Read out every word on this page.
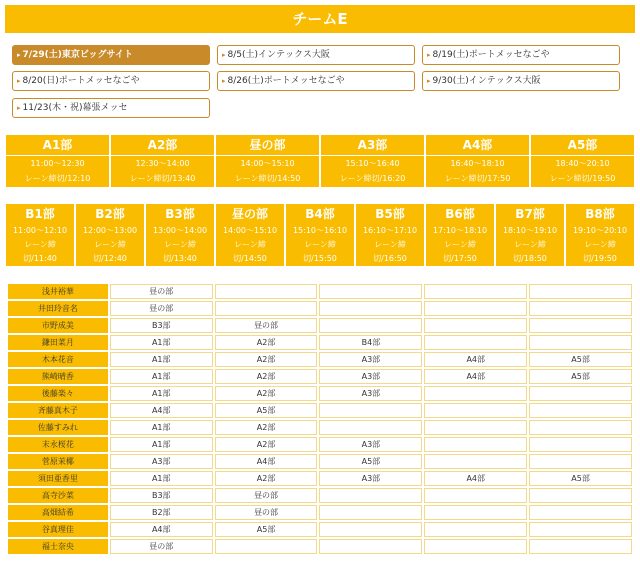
チームE
▸ 7/29(土)東京ビッグサイト	▸ 8/5(土)インテックス大阪	▸ 8/19(土)ポートメッセなごや
▸ 8/20(日)ポートメッセなごや	▸ 8/26(土)ポートメッセなごや	▸ 9/30(土)インテックス大阪
▸ 11/23(木・祝)幕張メッセ
A1部
11:00～12:30
レーン締切/12:10
A2部
12:30～14:00
レーン締切/13:40
昼の部
14:00～15:10
レーン締切/14:50
A3部
15:10～16:40
レーン締切/16:20
A4部
16:40～18:10
レーン締切/17:50
A5部
18:40～20:10
レーン締切/19:50
B1部
11:00～12:10
レーン締
切/11:40
B2部
12:00～13:00
レーン締
切/12:40
B3部
13:00～14:00
レーン締
切/13:40
昼の部
14:00～15:10
レーン締
切/14:50
B4部
15:10～16:10
レーン締
切/15:50
B5部
16:10～17:10
レーン締
切/16:50
B6部
17:10～18:10
レーン締
切/17:50
B7部
18:10～19:10
レーン締
切/18:50
B8部
19:10～20:10
レーン締
切/19:50
浅井裕華	昼の部				
井田玲音名	昼の部				
市野成美	B3部	昼の部			
鎌田菜月	A1部	A2部	B4部		
木本花音	A1部	A2部	A3部	A4部	A5部
熊崎晴香	A1部	A2部	A3部	A4部	A5部
後藤楽々	A1部	A2部	A3部		
斉藤真木子	A4部	A5部			
佐藤すみれ	A1部	A2部			
末永桜花	A1部	A2部	A3部		
菅原茉椰	A3部	A4部	A5部		
須田亜香里	A1部	A2部	A3部	A4部	A5部
高寺沙菜	B3部	昼の部			
高畑結希	B2部	昼の部			
谷真理佳	A4部	A5部			
福士奈央	昼の部				
